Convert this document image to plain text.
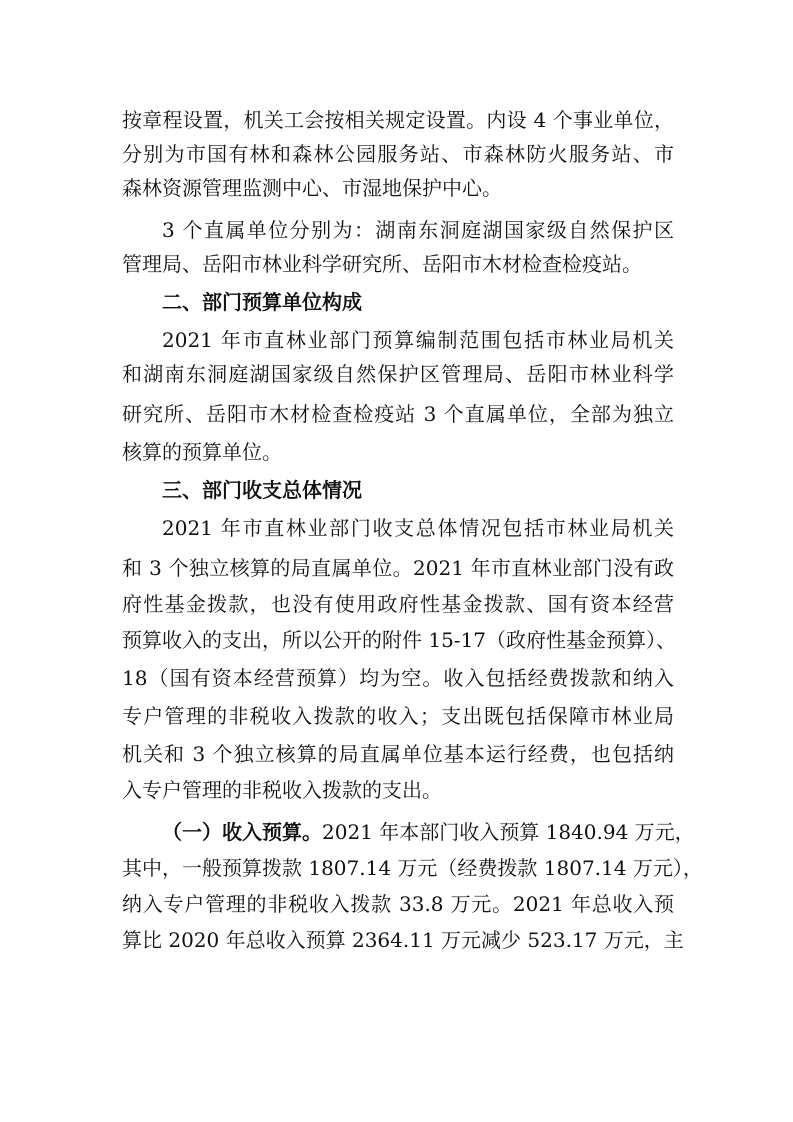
按章程设置，机关工会按相关规定设置。内设 4 个事业单位，
分别为市国有林和森林公园服务站、市森林防火服务站、市
森林资源管理监测中心、市湿地保护中心。
3 个直属单位分别为：湖南东洞庭湖国家级自然保护区
管理局、岳阳市林业科学研究所、岳阳市木材检查检疫站。
二、部门预算单位构成
2021 年市直林业部门预算编制范围包括市林业局机关
和湖南东洞庭湖国家级自然保护区管理局、岳阳市林业科学
研究所、岳阳市木材检查检疫站 3 个直属单位，全部为独立
核算的预算单位。
三、部门收支总体情况
2021 年市直林业部门收支总体情况包括市林业局机关
和 3 个独立核算的局直属单位。2021 年市直林业部门没有政
府性基金拨款，也没有使用政府性基金拨款、国有资本经营
预算收入的支出，所以公开的附件 15-17（政府性基金预算）、
18（国有资本经营预算）均为空。收入包括经费拨款和纳入
专户管理的非税收入拨款的收入；支出既包括保障市林业局
机关和 3 个独立核算的局直属单位基本运行经费，也包括纳
入专户管理的非税收入拨款的支出。
（一）收入预算。2021 年本部门收入预算 1840.94 万元，
其中，一般预算拨款 1807.14 万元（经费拨款 1807.14 万元），
纳入专户管理的非税收入拨款 33.8 万元。2021 年总收入预
算比 2020 年总收入预算 2364.11 万元减少 523.17 万元，主
